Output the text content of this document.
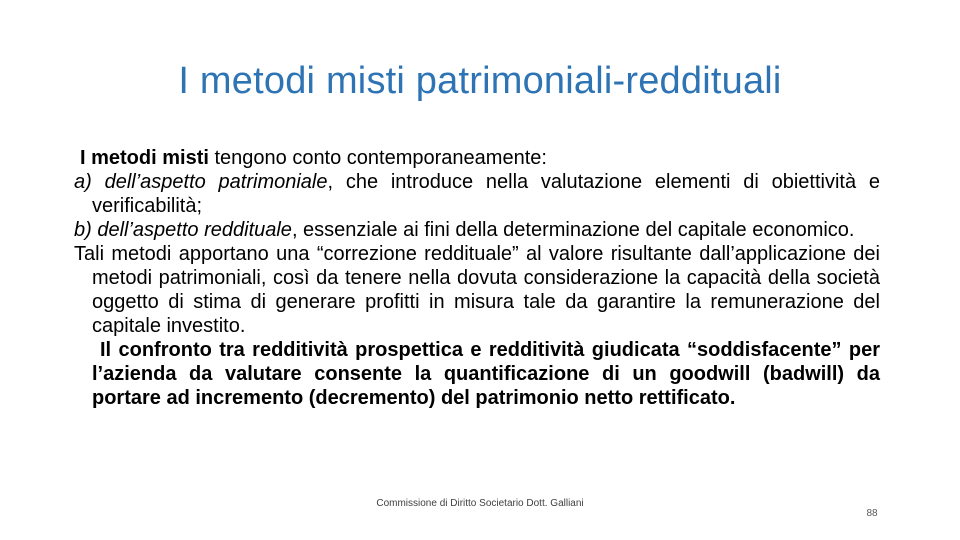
I metodi misti patrimoniali-reddituali

I metodi misti tengono conto contemporaneamente:

a) dell’aspetto patrimoniale, che introduce nella valutazione elementi di obiettività e verificabilità;

b) dell’aspetto reddituale, essenziale ai fini della determinazione del capitale economico.

Tali metodi apportano una “correzione reddituale” al valore risultante dall’applicazione dei metodi patrimoniali, così da tenere nella dovuta considerazione la capacità della società oggetto di stima di generare profitti in misura tale da garantire la remunerazione del capitale investito.

Il confronto tra redditività prospettica e redditività giudicata “soddisfacente” per l’azienda da valutare consente la quantificazione di un goodwill (badwill) da portare ad incremento (decremento) del patrimonio netto rettificato.

Commissione di Diritto Societario Dott. Galliani
88
